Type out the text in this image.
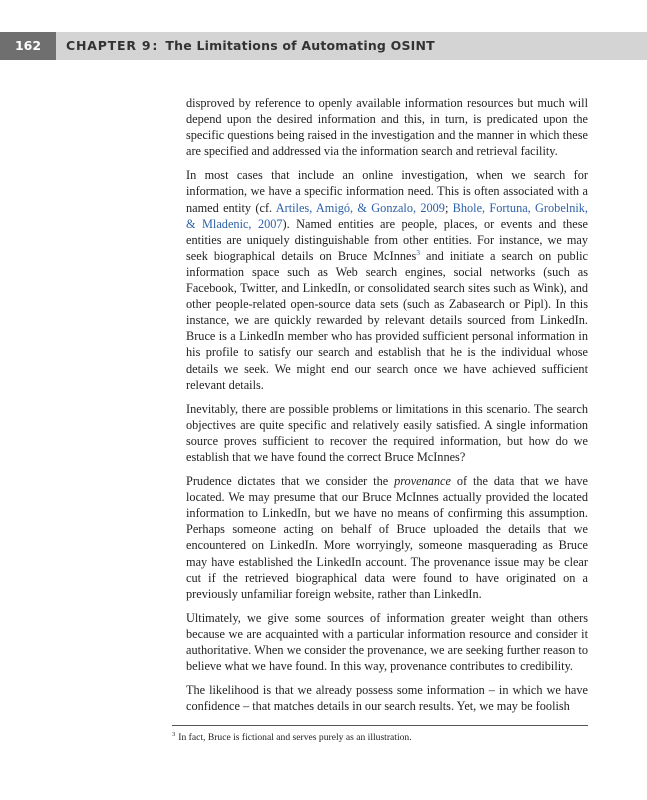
162	CHAPTER 9: The Limitations of Automating OSINT

disproved by reference to openly available information resources but much will depend upon the desired information and this, in turn, is predicated upon the specific questions being raised in the investigation and the manner in which these are specified and addressed via the information search and retrieval facility.

In most cases that include an online investigation, when we search for information, we have a specific information need. This is often associated with a named entity (cf. Artiles, Amigó, & Gonzalo, 2009; Bhole, Fortuna, Grobelnik, & Mladenic, 2007). Named entities are people, places, or events and these entities are uniquely distinguishable from other entities. For instance, we may seek biographical details on Bruce McInnes$^3$ and initiate a search on public information space such as Web search engines, social networks (such as Facebook, Twitter, and LinkedIn, or consolidated search sites such as Wink), and other people-related open-source data sets (such as Zabasearch or Pipl). In this instance, we are quickly rewarded by relevant details sourced from LinkedIn. Bruce is a LinkedIn member who has provided sufficient personal information in his profile to satisfy our search and establish that he is the individual whose details we seek. We might end our search once we have achieved sufficient relevant details.

Inevitably, there are possible problems or limitations in this scenario. The search objectives are quite specific and relatively easily satisfied. A single information source proves sufficient to recover the required information, but how do we establish that we have found the correct Bruce McInnes?

Prudence dictates that we consider the provenance of the data that we have located. We may presume that our Bruce McInnes actually provided the located information to LinkedIn, but we have no means of confirming this assumption. Perhaps someone acting on behalf of Bruce uploaded the details that we encountered on LinkedIn. More worryingly, someone masquerading as Bruce may have established the LinkedIn account. The provenance issue may be clear cut if the retrieved biographical data were found to have originated on a previously unfamiliar foreign website, rather than LinkedIn.

Ultimately, we give some sources of information greater weight than others because we are acquainted with a particular information resource and consider it authoritative. When we consider the provenance, we are seeking further reason to believe what we have found. In this way, provenance contributes to credibility.

The likelihood is that we already possess some information – in which we have confidence – that matches details in our search results. Yet, we may be foolish

$^3$ In fact, Bruce is fictional and serves purely as an illustration.
